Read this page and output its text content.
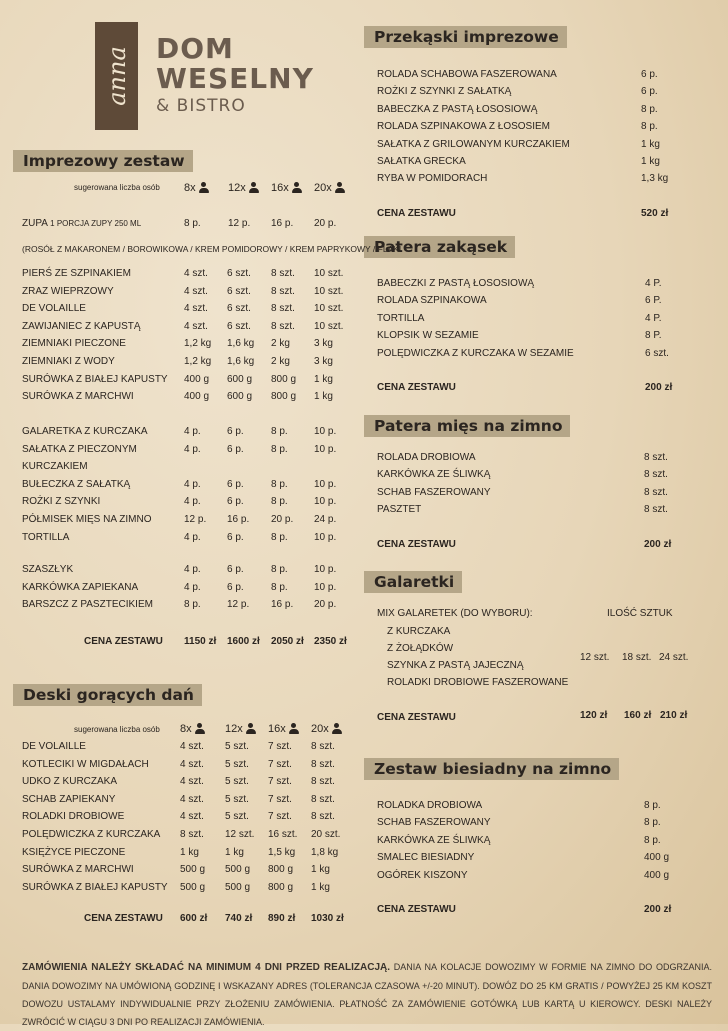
anna DOM
WESELNY
& BISTRO
Imprezowy zestaw
Deski gorących dań
Przekąski imprezowe
Patera zakąsek
Patera mięs na zimno
Galaretki
Zestaw biesiadny na zimno
sugerowana liczba osób 8x	12x	16x	20x
ZUPA 1 PORCJA ZUPY 250 ML	8 p.	12 p. 16 p. 20 p.
(ROSÓŁ Z MAKARONEM / BOROWIKOWA / KREM POMIDOROWY / KREM PAPRYKOWY / FLAKI
PIERŚ ZE SZPINAKIEM	4 szt. 6 szt. 8 szt. 10 szt.
ZRAZ WIEPRZOWY	4 szt. 6 szt. 8 szt. 10 szt.
DE VOLAILLE	4 szt. 6 szt. 8 szt. 10 szt.
ZAWIJANIEC Z KAPUSTĄ	4 szt. 6 szt. 8 szt. 10 szt.
ZIEMNIAKI PIECZONE	1,2 kg 1,6 kg 2 kg 3 kg
ZIEMNIAKI Z WODY	1,2 kg 1,6 kg 2 kg 3 kg
SURÓWKA Z BIAŁEJ KAPUSTY 400 g 600 g 800 g 1 kg
SURÓWKA Z MARCHWI	400 g 600 g 800 g 1 kg
GALARETKA Z KURCZAKA	4 p.	6 p.	8 p.	10 p.
SAŁATKA Z PIECZONYM	4 p.	6 p.	8 p.	10 p.
KURCZAKIEM
BUŁECZKA Z SAŁATKĄ	4 p.	6 p.	8 p.	10 p.
ROŻKI Z SZYNKI	4 p.	6 p.	8 p.	10 p.
PÓŁMISEK MIĘS NA ZIMNO	12 p. 16 p. 20 p. 24 p.
TORTILLA	4 p.	6 p.	8 p.	10 p.
SZASZŁYK	4 p.	6 p.	8 p.	10 p.
KARKÓWKA ZAPIEKANA	4 p.	6 p.	8 p.	10 p.
BARSZCZ Z PASZTECIKIEM	8 p.	12 p. 16 p. 20 p.
CENA ZESTAWU 1150 zł 1600 zł 2050 zł 2350 zł
sugerowana liczba osób 8x	12x	16x	20x
DE VOLAILLE	4 szt. 5 szt. 7 szt. 8 szt.
KOTLECIKI W MIGDAŁACH	4 szt. 5 szt. 7 szt. 8 szt.
UDKO Z KURCZAKA	4 szt. 5 szt. 7 szt. 8 szt.
SCHAB ZAPIEKANY	4 szt. 5 szt. 7 szt. 8 szt.
ROLADKI DROBIOWE	4 szt. 5 szt. 7 szt. 8 szt.
POLĘDWICZKA Z KURCZAKA 8 szt. 12 szt. 16 szt. 20 szt.
KSIĘŻYCE PIECZONE	1 kg	1 kg 1,5 kg 1,8 kg
SURÓWKA Z MARCHWI	500 g 500 g 800 g 1 kg
SURÓWKA Z BIAŁEJ KAPUSTY 500 g 500 g 800 g 1 kg
CENA ZESTAWU 600 zł 740 zł 890 zł 1030 zł
ROLADA SCHABOWA FASZEROWANA	6 p.
ROŻKI Z SZYNKI Z SAŁATKĄ	6 p.
BABECZKA Z PASTĄ ŁOSOSIOWĄ	8 p.
ROLADA SZPINAKOWA Z ŁOSOSIEM	8 p.
SAŁATKA Z GRILOWANYM KURCZAKIEM	1 kg
SAŁATKA GRECKA	1 kg
RYBA W POMIDORACH	1,3 kg
BABECZKI Z PASTĄ ŁOSOSIOWĄ	4 P.
ROLADA SZPINAKOWA	6 P.
TORTILLA	4 P.
KLOPSIK W SEZAMIE	8 P.
POLĘDWICZKA Z KURCZAKA W SEZAMIE	6 szt.
ROLADA DROBIOWA	8 szt.
KARKÓWKA ZE ŚLIWKĄ	8 szt.
SCHAB FASZEROWANY	8 szt.
PASZTET	8 szt.
ROLADKA DROBIOWA	8 p.
SCHAB FASZEROWANY	8 p.
KARKÓWKA ZE ŚLIWKĄ	8 p.
SMALEC BIESIADNY	400 g
OGÓREK KISZONY	400 g
CENA ZESTAWU	520 zł
CENA ZESTAWU	200 zł
CENA ZESTAWU	200 zł
CENA ZESTAWU	200 zł
MIX GALARETEK (DO WYBORU):	ILOŚĆ SZTUK
Z KURCZAKA
Z ŻOŁĄDKÓW
SZYNKA Z PASTĄ JAJECZNĄ
ROLADKI DROBIOWE FASZEROWANE
12 szt. 18 szt. 24 szt.
CENA ZESTAWU	120 zł 160 zł 210 zł
ZAMÓWIENIA NALEŻY SKŁADAĆ NA MINIMUM 4 DNI PRZED REALIZACJĄ. DANIA NA KOLACJE DOWOZIMY W FORMIE NA ZIMNO DO ODGRZANIA. DANIA DOWOZIMY NA UMÓWIONĄ GODZINĘ I WSKAZANY ADRES (TOLERANCJA CZASOWA +/-20 MINUT). DOWÓZ DO 25 KM GRATIS / POWYŻEJ 25 KM KOSZT DOWOZU USTALAMY INDYWIDUALNIE PRZY ZŁOŻENIU ZAMÓWIENIA. PŁATNOŚĆ ZA ZAMÓWIENIE GOTÓWKĄ LUB KARTĄ U KIEROWCY. DESKI NALEŻY ZWRÓCIĆ W CIĄGU 3 DNI PO REALIZACJI ZAMÓWIENIA.
